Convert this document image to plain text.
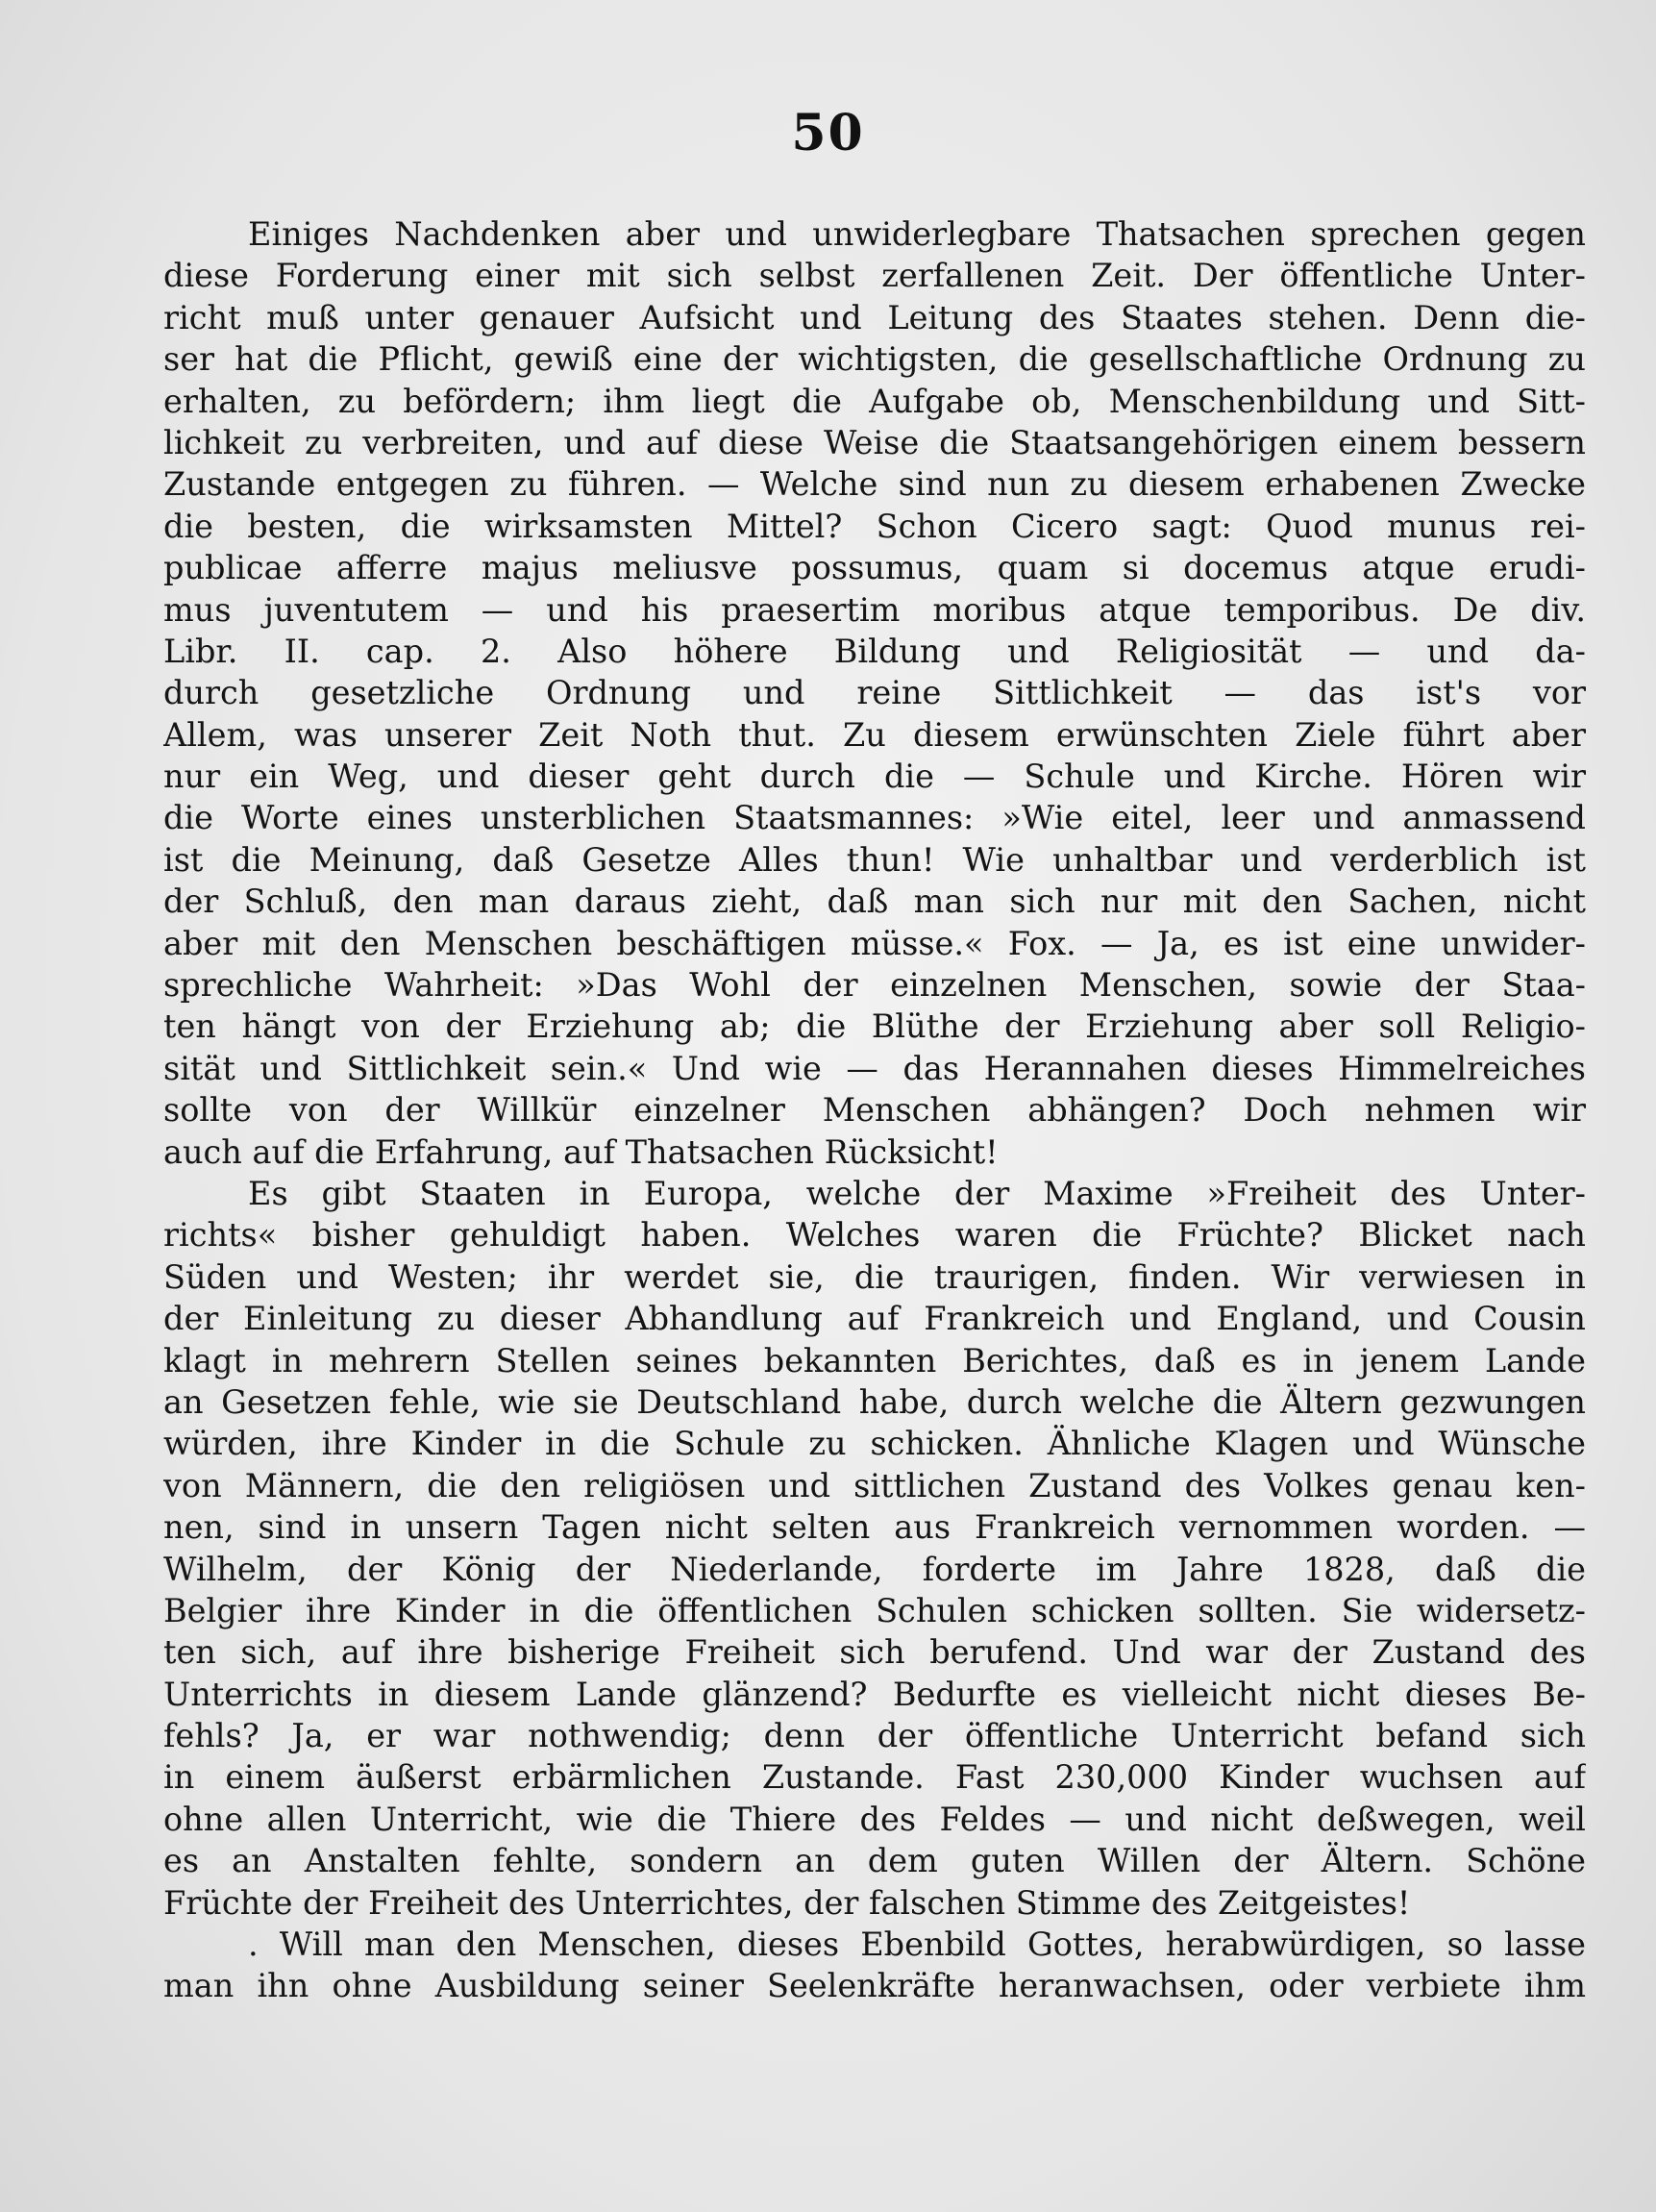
50
Einiges Nachdenken aber und unwiderlegbare Thatsachen sprechen gegen
diese Forderung einer mit sich selbst zerfallenen Zeit. Der öffentliche Unter-
richt muß unter genauer Aufsicht und Leitung des Staates stehen. Denn die-
ser hat die Pflicht, gewiß eine der wichtigsten, die gesellschaftliche Ordnung zu
erhalten, zu befördern; ihm liegt die Aufgabe ob, Menschenbildung und Sitt-
lichkeit zu verbreiten, und auf diese Weise die Staatsangehörigen einem bessern
Zustande entgegen zu führen. — Welche sind nun zu diesem erhabenen Zwecke
die besten, die wirksamsten Mittel? Schon Cicero sagt: Quod munus rei-
publicae afferre majus meliusve possumus, quam si docemus atque erudi-
mus juventutem — und his praesertim moribus atque temporibus. De div.
Libr. II. cap. 2. Also höhere Bildung und Religiosität — und da-
durch gesetzliche Ordnung und reine Sittlichkeit — das ist's vor
Allem, was unserer Zeit Noth thut. Zu diesem erwünschten Ziele führt aber
nur ein Weg, und dieser geht durch die — Schule und Kirche. Hören wir
die Worte eines unsterblichen Staatsmannes: »Wie eitel, leer und anmassend
ist die Meinung, daß Gesetze Alles thun! Wie unhaltbar und verderblich ist
der Schluß, den man daraus zieht, daß man sich nur mit den Sachen, nicht
aber mit den Menschen beschäftigen müsse.« Fox. — Ja, es ist eine unwider-
sprechliche Wahrheit: »Das Wohl der einzelnen Menschen, sowie der Staa-
ten hängt von der Erziehung ab; die Blüthe der Erziehung aber soll Religio-
sität und Sittlichkeit sein.« Und wie — das Herannahen dieses Himmelreiches
sollte von der Willkür einzelner Menschen abhängen? Doch nehmen wir
auch auf die Erfahrung, auf Thatsachen Rücksicht!
Es gibt Staaten in Europa, welche der Maxime »Freiheit des Unter-
richts« bisher gehuldigt haben. Welches waren die Früchte? Blicket nach
Süden und Westen; ihr werdet sie, die traurigen, finden. Wir verwiesen in
der Einleitung zu dieser Abhandlung auf Frankreich und England, und Cousin
klagt in mehrern Stellen seines bekannten Berichtes, daß es in jenem Lande
an Gesetzen fehle, wie sie Deutschland habe, durch welche die Ältern gezwungen
würden, ihre Kinder in die Schule zu schicken. Ähnliche Klagen und Wünsche
von Männern, die den religiösen und sittlichen Zustand des Volkes genau ken-
nen, sind in unsern Tagen nicht selten aus Frankreich vernommen worden. —
Wilhelm, der König der Niederlande, forderte im Jahre 1828, daß die
Belgier ihre Kinder in die öffentlichen Schulen schicken sollten. Sie widersetz-
ten sich, auf ihre bisherige Freiheit sich berufend. Und war der Zustand des
Unterrichts in diesem Lande glänzend? Bedurfte es vielleicht nicht dieses Be-
fehls? Ja, er war nothwendig; denn der öffentliche Unterricht befand sich
in einem äußerst erbärmlichen Zustande. Fast 230,000 Kinder wuchsen auf
ohne allen Unterricht, wie die Thiere des Feldes — und nicht deßwegen, weil
es an Anstalten fehlte, sondern an dem guten Willen der Ältern. Schöne
Früchte der Freiheit des Unterrichtes, der falschen Stimme des Zeitgeistes!
. Will man den Menschen, dieses Ebenbild Gottes, herabwürdigen, so lasse
man ihn ohne Ausbildung seiner Seelenkräfte heranwachsen, oder verbiete ihm
